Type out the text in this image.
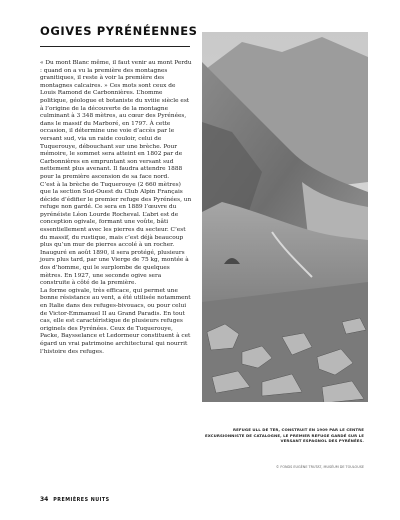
OGIVES PYRÉNÉENNES

« Du mont Blanc même, il faut venir au mont Perdu : quand on a vu la première des montagnes granitiques, il reste à voir la première des montagnes calcaires. » Ces mots sont ceux de Louis Ramond de Carbonnières. L’homme politique, géologue et botaniste du xviiie siècle est à l’origine de la découverte de la montagne culminant à 3 348 mètres, au cœur des Pyrénées, dans le massif du Marboré, en 1797. À cette occasion, il détermine une voie d’accès par le versant sud, via un raide couloir, celui de Tuquerouye, débouchant sur une brèche. Pour mémoire, le sommet sera atteint en 1802 par de Carbonnières en empruntant son versant sud nettement plus avenant. Il faudra attendre 1888 pour la première ascension de sa face nord.

C’est à la brèche de Tuquerouye (2 660 mètres) que la section Sud-Ouest du Club Alpin Français décide d’édifier le premier refuge des Pyrénées, un refuge non gardé. Ce sera en 1889 l’œuvre du pyrénéiste Léon Lourde Rocheval. L’abri est de conception ogivale, formant une voûte, bâti essentiellement avec les pierres du secteur. C’est du massif, du rustique, mais c’est déjà beaucoup plus qu’un mur de pierres accolé à un rocher. Inauguré en août 1890, il sera protégé, plusieurs jours plus tard, par une Vierge de 75 kg, montée à dos d’homme, qui le surplombe de quelques mètres. En 1927, une seconde ogive sera construite à côté de la première.

La forme ogivale, très efficace, qui permet une bonne résistance au vent, a été utilisée notamment en Italie dans des refuges-bivouacs, ou pour celui de Victor-Emmanuel II au Grand Paradis. En tout cas, elle est caractéristique de plusieurs refuges originels des Pyrénées. Ceux de Tuquerouye, Packe, Baysselance et Ledormeur constituent à cet égard un vrai patrimoine architectural qui nourrit l’histoire des refuges.

REFUGE ULL DE TER, CONSTRUIT EN 1909 PAR LE CENTRE EXCURSIONNISTE DE CATALOGNE, LE PREMIER REFUGE GARDÉ SUR LE VERSANT ESPAGNOL DES PYRÉNÉES.
© FONDS EUGÈNE TRUTAT, MUSÉUM DE TOULOUSE
34 PREMIÈRES NUITS
